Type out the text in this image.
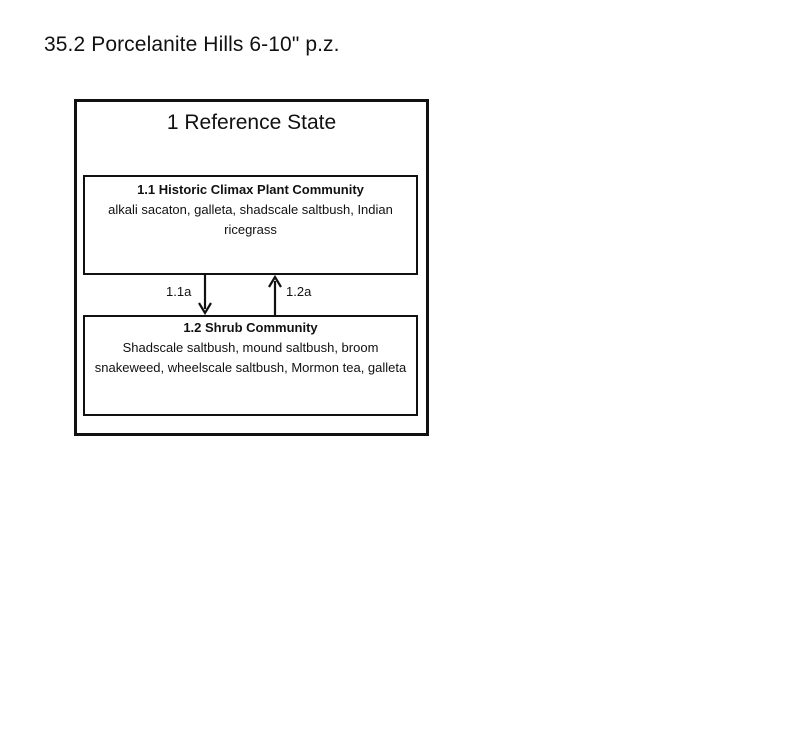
35.2 Porcelanite Hills 6-10" p.z.
1 Reference State
1.1 Historic Climax Plant Community
alkali sacaton, galleta, shadscale saltbush, Indian ricegrass
1.2 Shrub Community
Shadscale saltbush, mound saltbush, broom snakeweed, wheelscale saltbush, Mormon tea, galleta
1.1a	1.2a
